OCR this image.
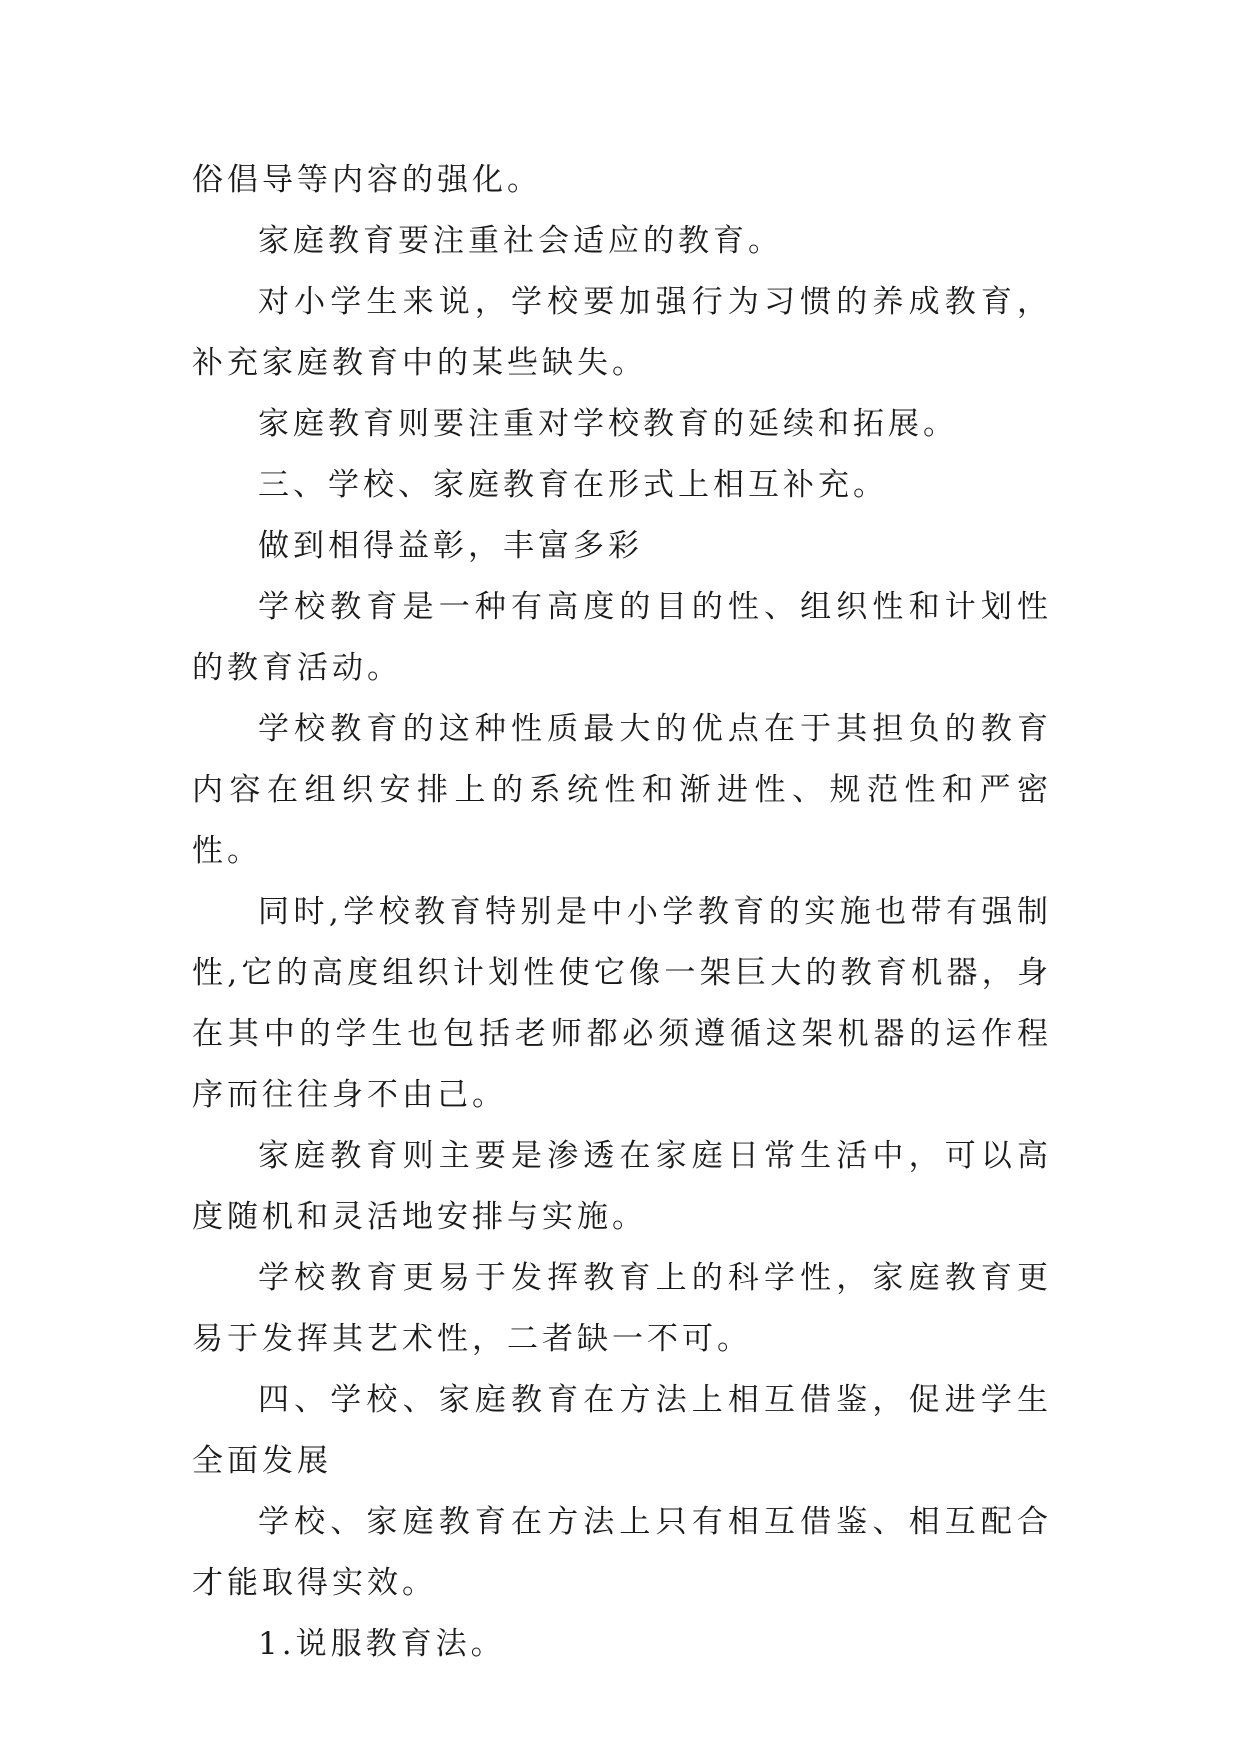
俗倡导等内容的强化。

家庭教育要注重社会适应的教育。

对小学生来说，学校要加强行为习惯的养成教育，补充家庭教育中的某些缺失。

家庭教育则要注重对学校教育的延续和拓展。

三、学校、家庭教育在形式上相互补充。

做到相得益彰，丰富多彩

学校教育是一种有高度的目的性、组织性和计划性的教育活动。

学校教育的这种性质最大的优点在于其担负的教育内容在组织安排上的系统性和渐进性、规范性和严密性。

同时,学校教育特别是中小学教育的实施也带有强制性,它的高度组织计划性使它像一架巨大的教育机器，身在其中的学生也包括老师都必须遵循这架机器的运作程序而往往身不由己。

家庭教育则主要是渗透在家庭日常生活中，可以高度随机和灵活地安排与实施。

学校教育更易于发挥教育上的科学性，家庭教育更易于发挥其艺术性，二者缺一不可。

四、学校、家庭教育在方法上相互借鉴，促进学生全面发展

学校、家庭教育在方法上只有相互借鉴、相互配合才能取得实效。

1.说服教育法。
